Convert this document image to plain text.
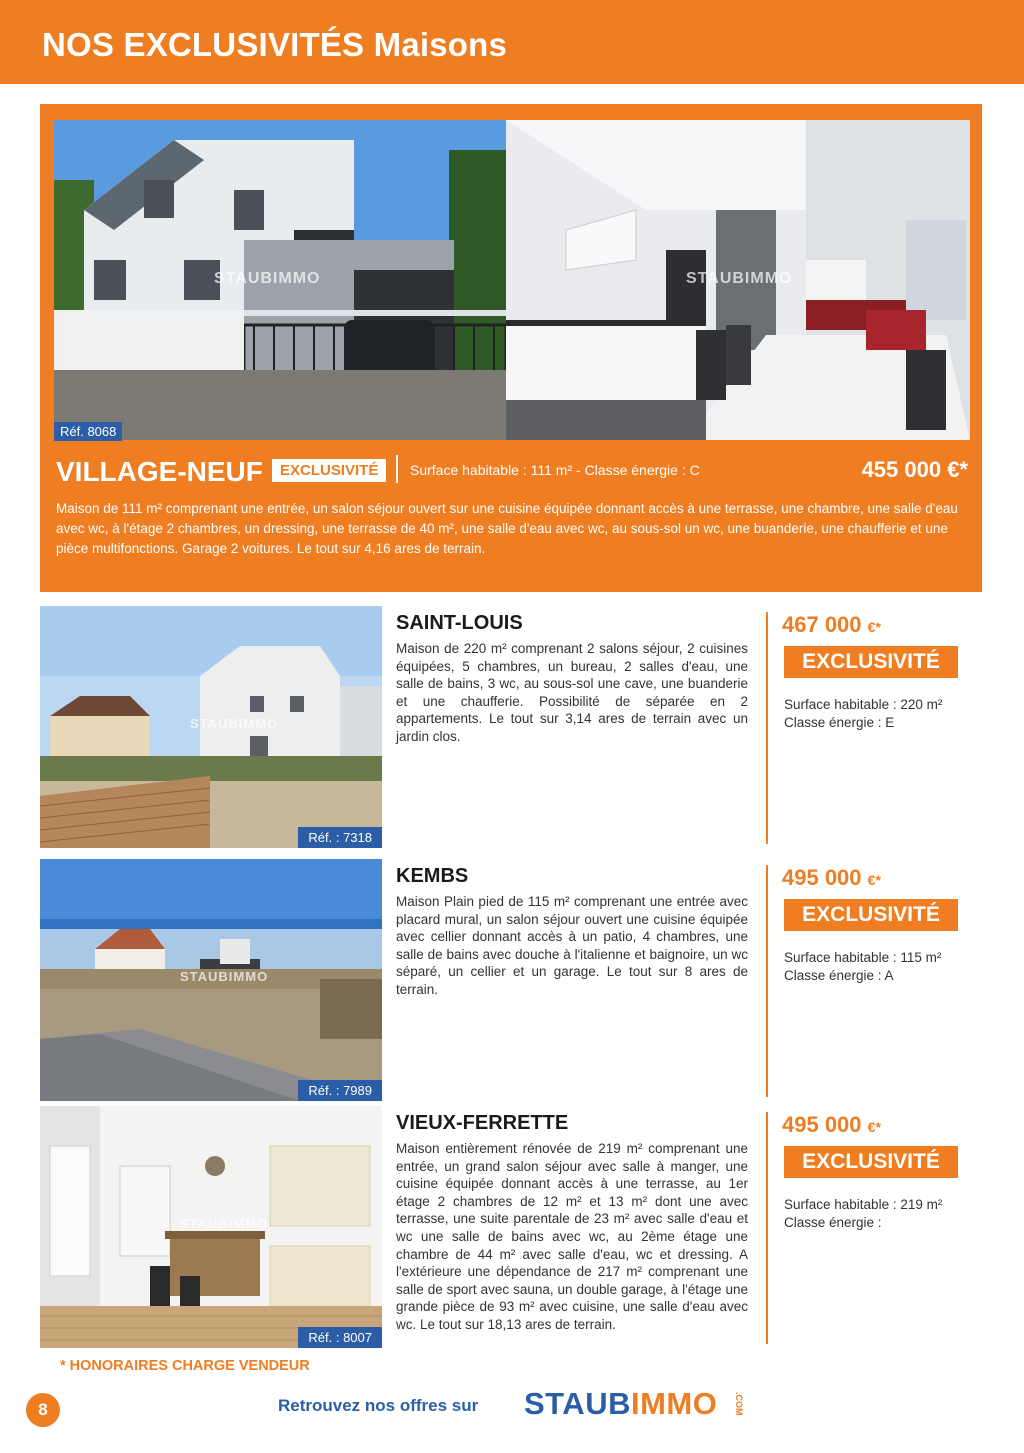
NOS EXCLUSIVITÉS Maisons
STAUBIMMO	STAUBIMMO
Réf. 8068
VILLAGE-NEUF	EXCLUSIVITÉ	Surface habitable : 111 m² - Classe énergie : C	455 000 €*

Maison de 111 m² comprenant une entrée, un salon séjour ouvert sur une cuisine équipée donnant accès à une terrasse, une chambre, une salle d'eau avec wc, à l'étage 2 chambres, un dressing, une terrasse de 40 m², une salle d'eau avec wc, au sous-sol un wc, une buanderie, une chaufferie et une pièce multifonctions. Garage 2 voitures. Le tout sur 4,16 ares de terrain.

STAUBIMMO
Réf. : 7318
SAINT-LOUIS

Maison de 220 m² comprenant 2 salons séjour, 2 cuisines équipées, 5 chambres, un bureau, 2 salles d'eau, une salle de bains, 3 wc, au sous-sol une cave, une buanderie et une chaufferie. Possibilité de séparée en 2 appartements. Le tout sur 3,14 ares de terrain avec un jardin clos.

467 000 €*
EXCLUSIVITÉ
Surface habitable : 220 m²
Classe énergie : E
STAUBIMMO
Réf. : 7989
KEMBS

Maison Plain pied de 115 m² comprenant une entrée avec placard mural, un salon séjour ouvert une cuisine équipée avec cellier donnant accès à un patio, 4 chambres, une salle de bains avec douche à l'italienne et baignoire, un wc séparé, un cellier et un garage. Le tout sur 8 ares de terrain.

495 000 €*
EXCLUSIVITÉ
Surface habitable : 115 m²
Classe énergie : A
STAUBIMMO
Réf. : 8007
VIEUX-FERRETTE

Maison entièrement rénovée de 219 m² comprenant une entrée, un grand salon séjour avec salle à manger, une cuisine équipée donnant accès à une terrasse, au 1er étage 2 chambres de 12 m² et 13 m² dont une avec terrasse, une suite parentale de 23 m² avec salle d'eau et wc une salle de bains avec wc, au 2ème étage une chambre de 44 m² avec salle d'eau, wc et dressing. A l'extérieure une dépendance de 217 m² comprenant une salle de sport avec sauna, un double garage, à l'étage une grande pièce de 93 m² avec cuisine, une salle d'eau avec wc. Le tout sur 18,13 ares de terrain.

495 000 €*
EXCLUSIVITÉ
Surface habitable : 219 m²
Classe énergie :
* HONORAIRES CHARGE VENDEUR
8	Retrouvez nos offres sur STAUBIMMO .COM
